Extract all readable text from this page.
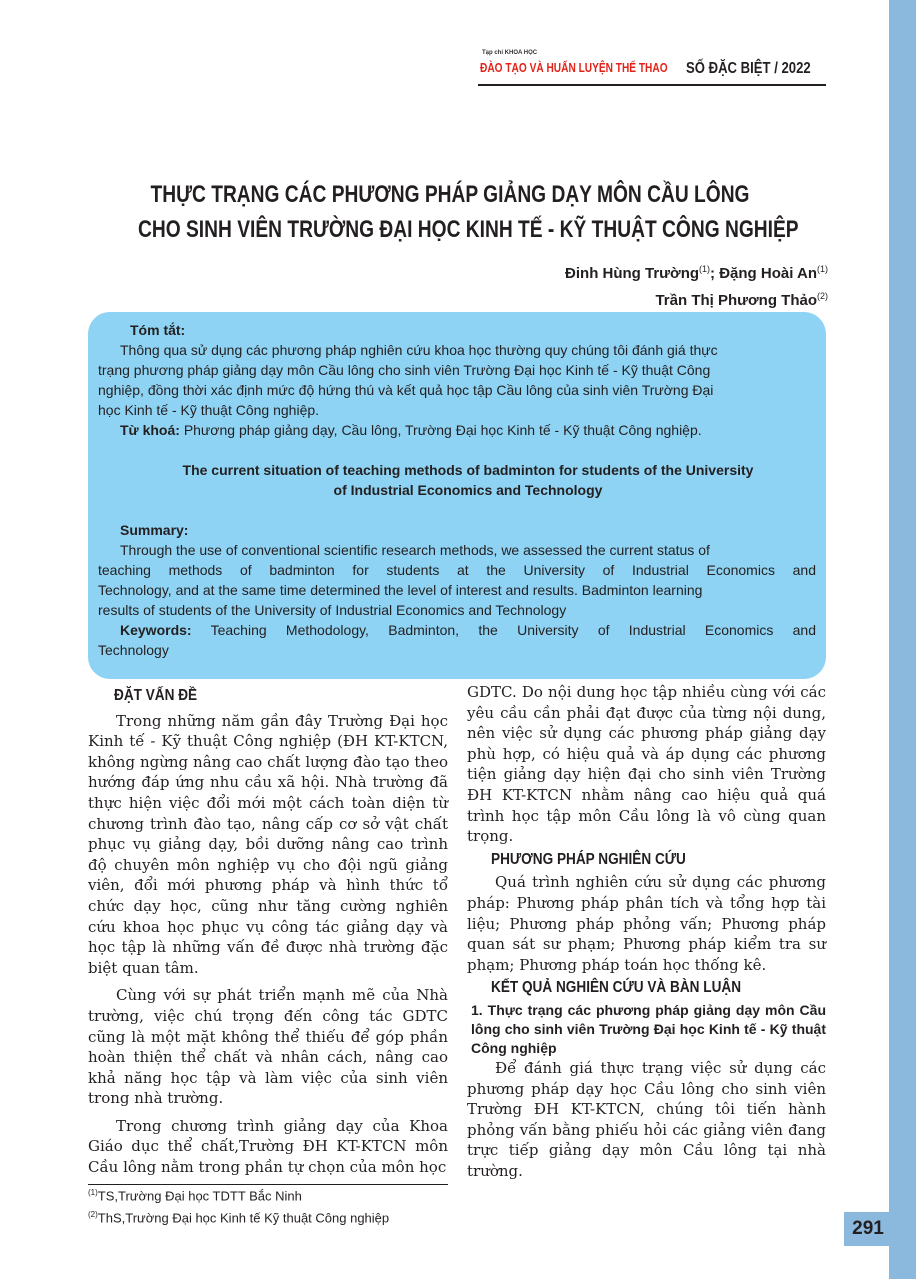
Tạp chí KHOA HỌC
ĐÀO TẠO VÀ HUẤN LUYỆN THỂ THAO SỐ ĐẶC BIỆT / 2022
THỰC TRẠNG CÁC PHƯƠNG PHÁP GIẢNG DẠY MÔN CẦU LÔNG
CHO SINH VIÊN TRƯỜNG ĐẠI HỌC KINH TẾ - KỸ THUẬT CÔNG NGHIỆP
Đinh Hùng Trường$^{(1)}$; Đặng Hoài An$^{(1)}$
Trần Thị Phương Thảo$^{(2)}$
Tóm tắt:
Thông qua sử dụng các phương pháp nghiên cứu khoa học thường quy chúng tôi đánh giá thực
trạng phương pháp giảng dạy môn Cầu lông cho sinh viên Trường Đại học Kinh tế - Kỹ thuật Công
nghiệp, đồng thời xác định mức độ hứng thú và kết quả học tập Cầu lông của sinh viên Trường Đại
học Kinh tế - Kỹ thuật Công nghiệp.
Từ khoá: Phương pháp giảng dạy, Cầu lông, Trường Đại học Kinh tế - Kỹ thuật Công nghiệp.
The current situation of teaching methods of badminton for students of the University
of Industrial Economics and Technology
Summary:
Through the use of conventional scientific research methods, we assessed the current status of
teaching methods of badminton for students at the University of Industrial Economics and
Technology, and at the same time determined the level of interest and results. Badminton learning
results of students of the University of Industrial Economics and Technology
Keywords: Teaching Methodology, Badminton, the University of Industrial Economics and
Technology
ĐẶT VẤN ĐỀ

Trong những năm gần đây Trường Đại học Kinh tế - Kỹ thuật Công nghiệp (ĐH KT-KTCN, không ngừng nâng cao chất lượng đào tạo theo hướng đáp ứng nhu cầu xã hội. Nhà trường đã thực hiện việc đổi mới một cách toàn diện từ chương trình đào tạo, nâng cấp cơ sở vật chất phục vụ giảng dạy, bồi dưỡng nâng cao trình độ chuyên môn nghiệp vụ cho đội ngũ giảng viên, đổi mới phương pháp và hình thức tổ chức dạy học, cũng như tăng cường nghiên cứu khoa học phục vụ công tác giảng dạy và học tập là những vấn đề được nhà trường đặc biệt quan tâm.

Cùng với sự phát triển mạnh mẽ của Nhà trường, việc chú trọng đến công tác GDTC cũng là một mặt không thể thiếu để góp phần hoàn thiện thể chất và nhân cách, nâng cao khả năng học tập và làm việc của sinh viên trong nhà trường.

Trong chương trình giảng dạy của Khoa Giáo dục thể chất,Trường ĐH KT-KTCN môn Cầu lông nằm trong phần tự chọn của môn học

GDTC. Do nội dung học tập nhiều cùng với các yêu cầu cần phải đạt được của từng nội dung, nên việc sử dụng các phương pháp giảng dạy phù hợp, có hiệu quả và áp dụng các phương tiện giảng dạy hiện đại cho sinh viên Trường ĐH KT-KTCN nhằm nâng cao hiệu quả quá trình học tập môn Cầu lông là vô cùng quan trọng.

PHƯƠNG PHÁP NGHIÊN CỨU

Quá trình nghiên cứu sử dụng các phương pháp: Phương pháp phân tích và tổng hợp tài liệu; Phương pháp phỏng vấn; Phương pháp quan sát sư phạm; Phương pháp kiểm tra sư phạm; Phương pháp toán học thống kê.

KẾT QUẢ NGHIÊN CỨU VÀ BÀN LUẬN
1. Thực trạng các phương pháp giảng dạy môn Cầu lông cho sinh viên Trường Đại học Kinh tế - Kỹ thuật Công nghiệp

Để đánh giá thực trạng việc sử dụng các phương pháp dạy học Cầu lông cho sinh viên Trường ĐH KT-KTCN, chúng tôi tiến hành phỏng vấn bằng phiếu hỏi các giảng viên đang trực tiếp giảng dạy môn Cầu lông tại nhà trường.

$^{(1)}$TS,Trường Đại học TDTT Bắc Ninh
$^{(2)}$ThS,Trường Đại học Kinh tế Kỹ thuật Công nghiệp
291
